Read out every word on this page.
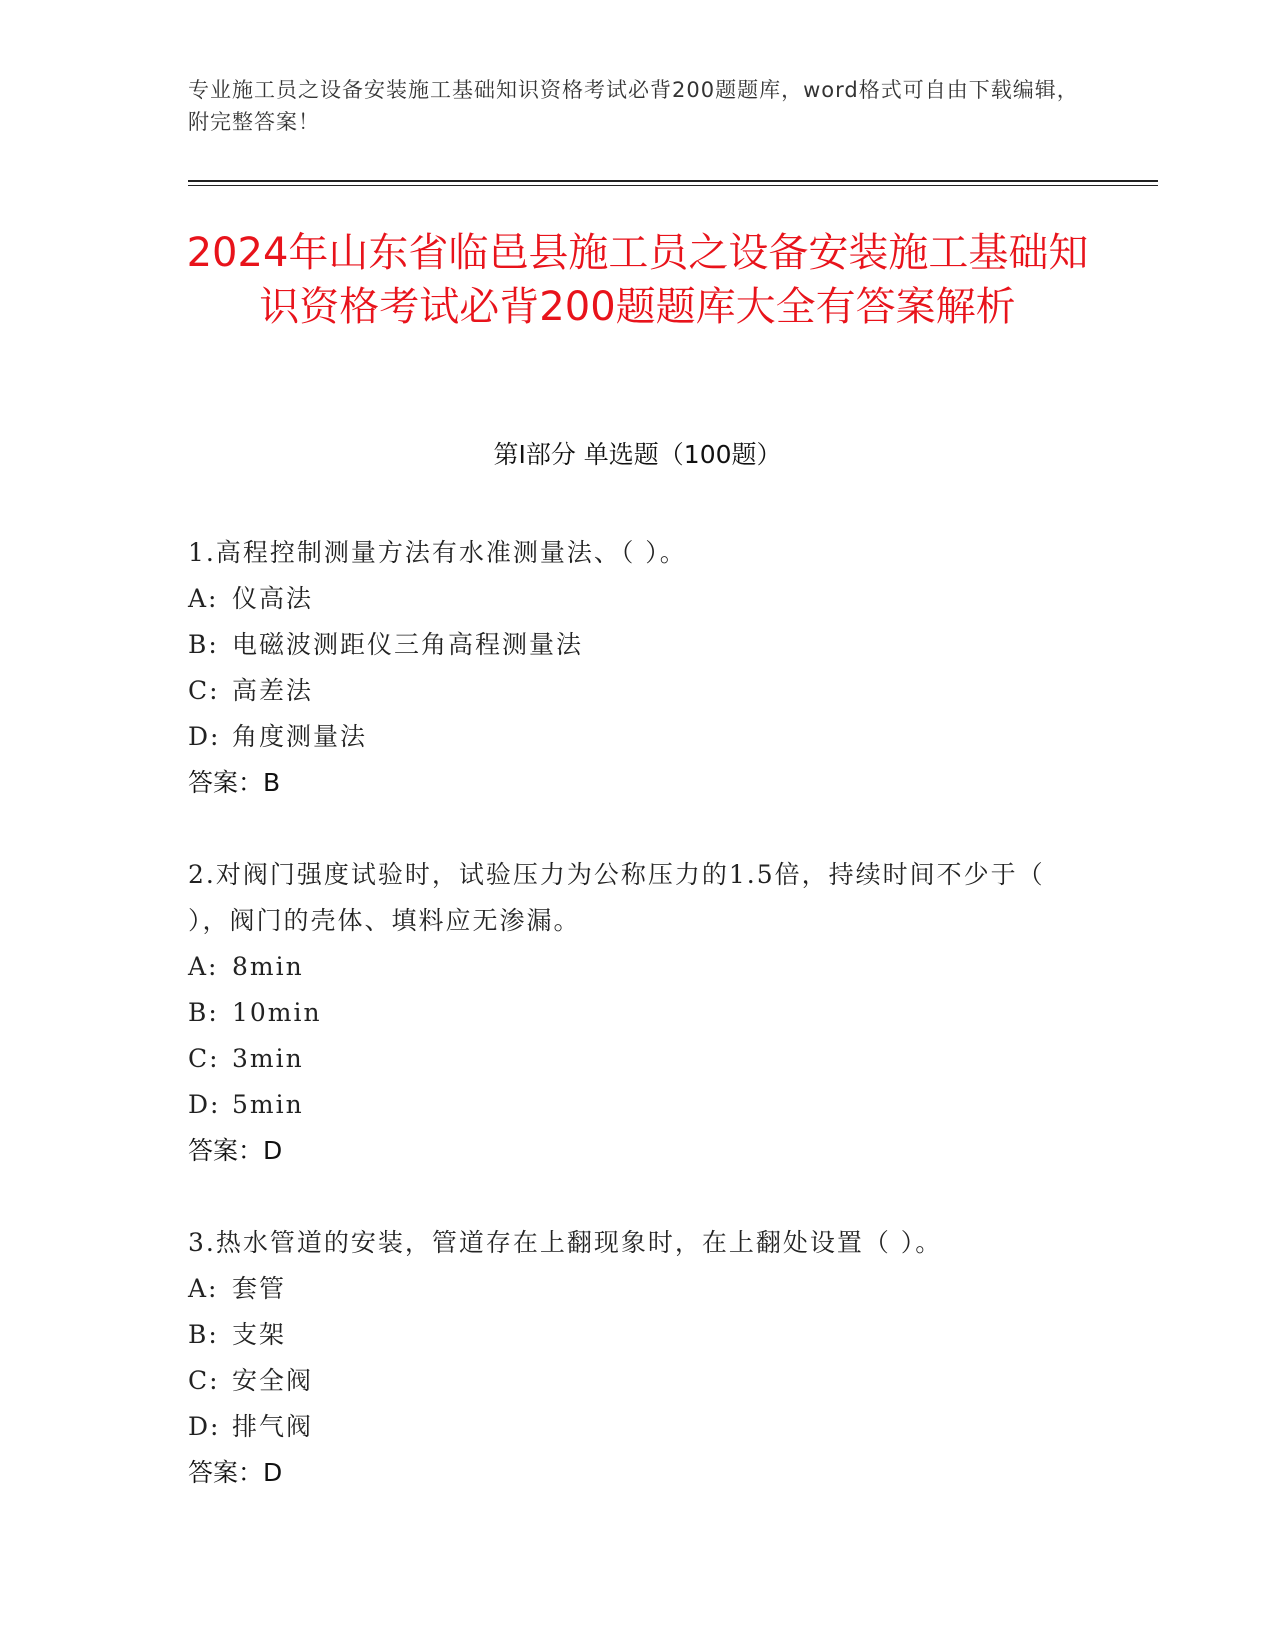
专业施工员之设备安装施工基础知识资格考试必背200题题库，word格式可自由下载编辑，附完整答案！
2024年山东省临邑县施工员之设备安装施工基础知识资格考试必背200题题库大全有答案解析
第I部分 单选题（100题）
1.高程控制测量方法有水准测量法、（ ）。
A: 仪高法
B: 电磁波测距仪三角高程测量法
C: 高差法
D: 角度测量法
答案：B
2.对阀门强度试验时，试验压力为公称压力的1.5倍，持续时间不少于（ ），阀门的壳体、填料应无渗漏。
A: 8min
B: 10min
C: 3min
D: 5min
答案：D
3.热水管道的安装，管道存在上翻现象时，在上翻处设置（ ）。
A: 套管
B: 支架
C: 安全阀
D: 排气阀
答案：D
